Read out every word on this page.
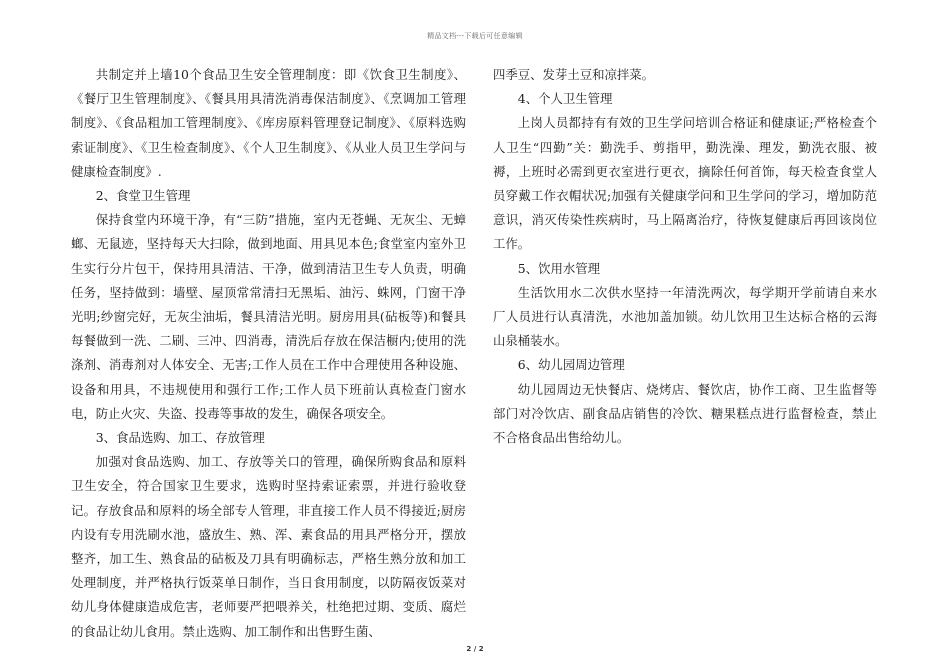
精品文档---下载后可任意编辑

共制定并上墙10个食品卫生安全管理制度：即《饮食卫生制度》、《餐厅卫生管理制度》、《餐具用具清洗消毒保洁制度》、《烹调加工管理制度》、《食品粗加工管理制度》、《库房原料管理登记制度》、《原料选购索证制度》、《卫生检查制度》、《个人卫生制度》、《从业人员卫生学问与健康检查制度》.

2、食堂卫生管理

保持食堂内环境干净，有“三防”措施，室内无苍蝇、无灰尘、无蟑螂、无鼠迹，坚持每天大扫除，做到地面、用具见本色;食堂室内室外卫生实行分片包干，保持用具清洁、干净，做到清洁卫生专人负责，明确任务，坚持做到：墙壁、屋顶常常清扫无黑垢、油污、蛛网，门窗干净光明;纱窗完好，无灰尘油垢，餐具清洁光明。厨房用具(砧板等)和餐具每餐做到一洗、二刷、三冲、四消毒，清洗后存放在保洁橱内;使用的洗涤剂、消毒剂对人体安全、无害;工作人员在工作中合理使用各种设施、设备和用具，不违规使用和强行工作;工作人员下班前认真检查门窗水电，防止火灾、失盗、投毒等事故的发生，确保各项安全。

3、食品选购、加工、存放管理

加强对食品选购、加工、存放等关口的管理，确保所购食品和原料卫生安全，符合国家卫生要求，选购时坚持索证索票，并进行验收登记。存放食品和原料的场全部专人管理，非直接工作人员不得接近;厨房内设有专用洗刷水池，盛放生、熟、浑、素食品的用具严格分开，摆放整齐，加工生、熟食品的砧板及刀具有明确标志，严格生熟分放和加工处理制度，并严格执行饭菜单日制作，当日食用制度，以防隔夜饭菜对幼儿身体健康造成危害，老师要严把喂养关，杜绝把过期、变质、腐烂的食品让幼儿食用。禁止选购、加工制作和出售野生菌、

四季豆、发芽土豆和凉拌菜。

4、个人卫生管理

上岗人员都持有有效的卫生学问培训合格证和健康证;严格检查个人卫生“四勤”关：勤洗手、剪指甲，勤洗澡、理发，勤洗衣服、被褥，上班时必需到更衣室进行更衣，摘除任何首饰，每天检查食堂人员穿戴工作衣帽状况;加强有关健康学问和卫生学问的学习，增加防范意识，消灭传染性疾病时，马上隔离治疗，待恢复健康后再回该岗位工作。

5、饮用水管理

生活饮用水二次供水坚持一年清洗两次，每学期开学前请自来水厂人员进行认真清洗，水池加盖加锁。幼儿饮用卫生达标合格的云海山泉桶装水。

6、幼儿园周边管理

幼儿园周边无快餐店、烧烤店、餐饮店，协作工商、卫生监督等部门对冷饮店、副食品店销售的冷饮、糖果糕点进行监督检查，禁止不合格食品出售给幼儿。

2 / 2
